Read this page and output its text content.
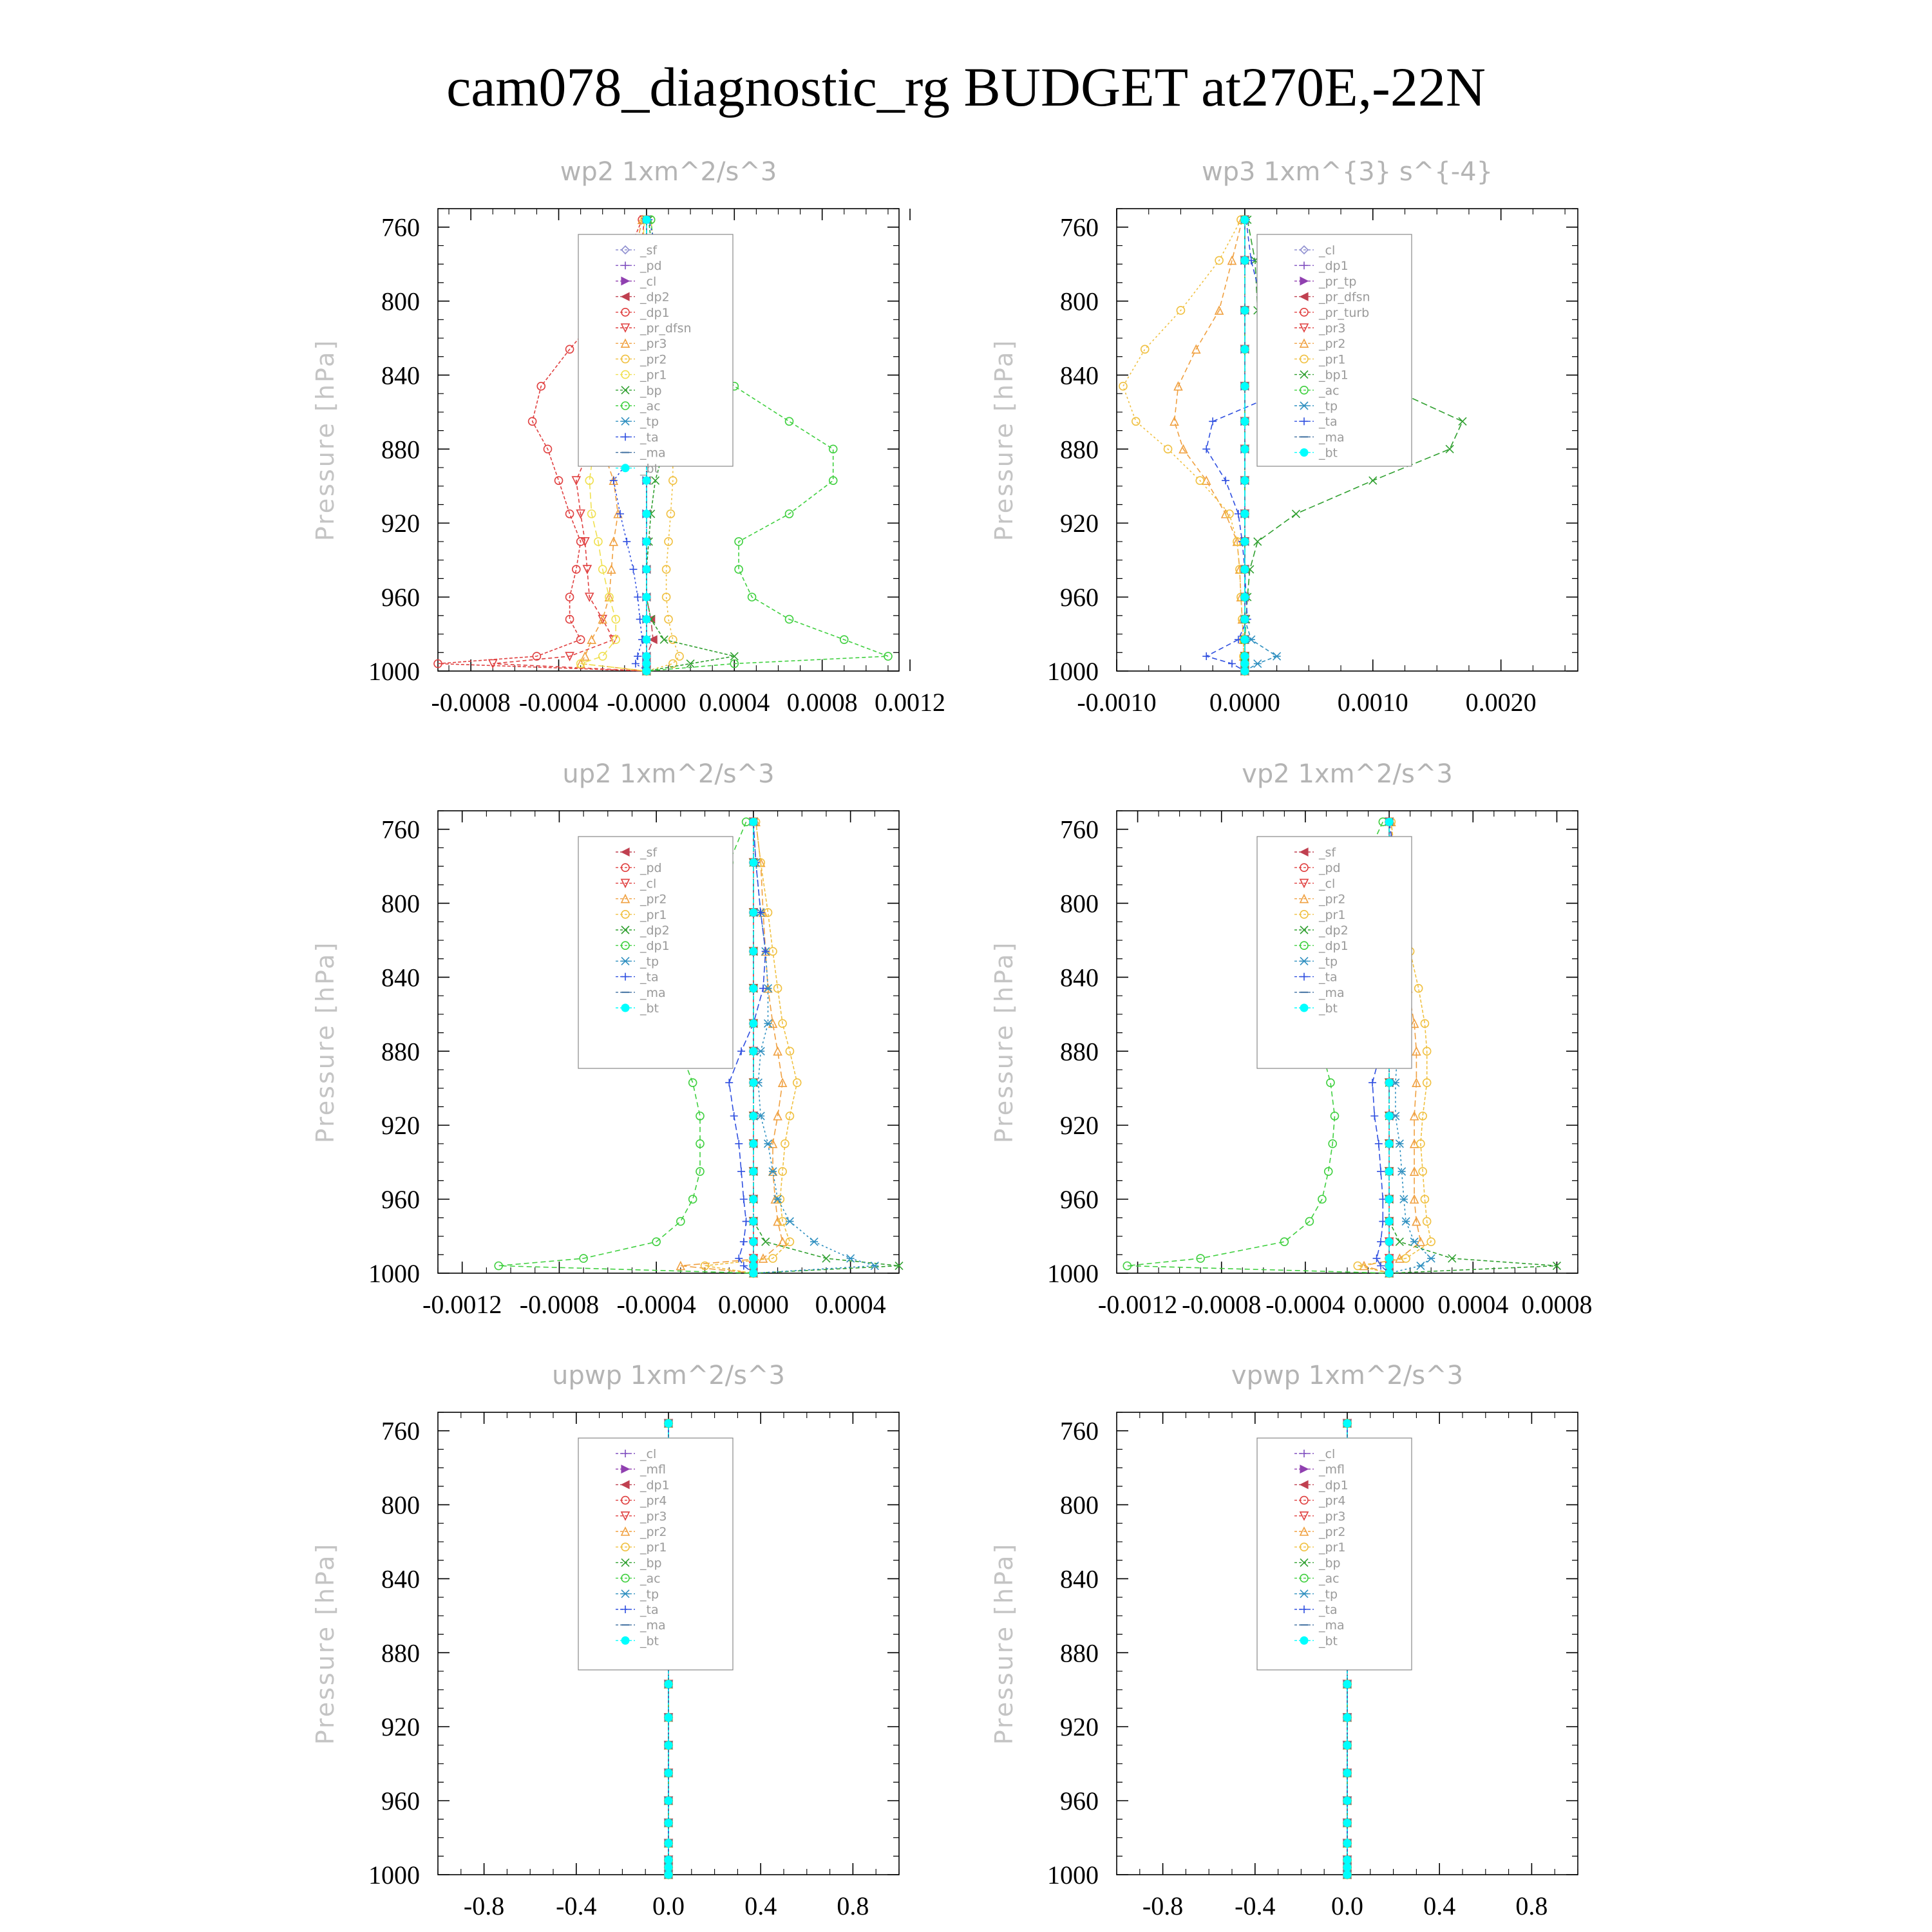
cam078_diagnostic_rg BUDGET at270E,-22N
wp2 1xm^2/s^3
Pressure [hPa]
760
800
840
880
920
960
1000
-0.0008 -0.0004 -0.0000 0.0004 0.0008 0.0012
_sf
_pd
_cl
_dp2
_dp1
_pr_dfsn
_pr3
_pr2
_pr1
_bp
_ac
_tp
_ta
_ma
_bt
wp3 1xm^{3} s^{-4}
Pressure [hPa]
760
800
840
880
920
960
1000
-0.0010 0.0000 0.0010 0.0020
_cl
_dp1
_pr_tp
_pr_dfsn
_pr_turb
_pr3
_pr2
_pr1
_bp1
_ac
_tp
_ta
_ma
_bt
up2 1xm^2/s^3
Pressure [hPa]
760
800
840
880
920
960
1000
-0.0012 -0.0008 -0.0004 0.0000 0.0004
_sf
_pd
_cl
_pr2
_pr1
_dp2
_dp1
_tp
_ta
_ma
_bt
vp2 1xm^2/s^3
Pressure [hPa]
760
800
840
880
920
960
1000
-0.0012 -0.0008 -0.0004 0.0000 0.0004 0.0008
_sf
_pd
_cl
_pr2
_pr1
_dp2
_dp1
_tp
_ta
_ma
_bt
upwp 1xm^2/s^3
Pressure [hPa]
760
800
840
880
920
960
1000
-0.8 -0.4 0.0 0.4 0.8
_cl
_mfl
_dp1
_pr4
_pr3
_pr2
_pr1
_bp
_ac
_tp
_ta
_ma
_bt
vpwp 1xm^2/s^3
Pressure [hPa]
760
800
840
880
920
960
1000
-0.8 -0.4 0.0 0.4 0.8
_cl
_mfl
_dp1
_pr4
_pr3
_pr2
_pr1
_bp
_ac
_tp
_ta
_ma
_bt
